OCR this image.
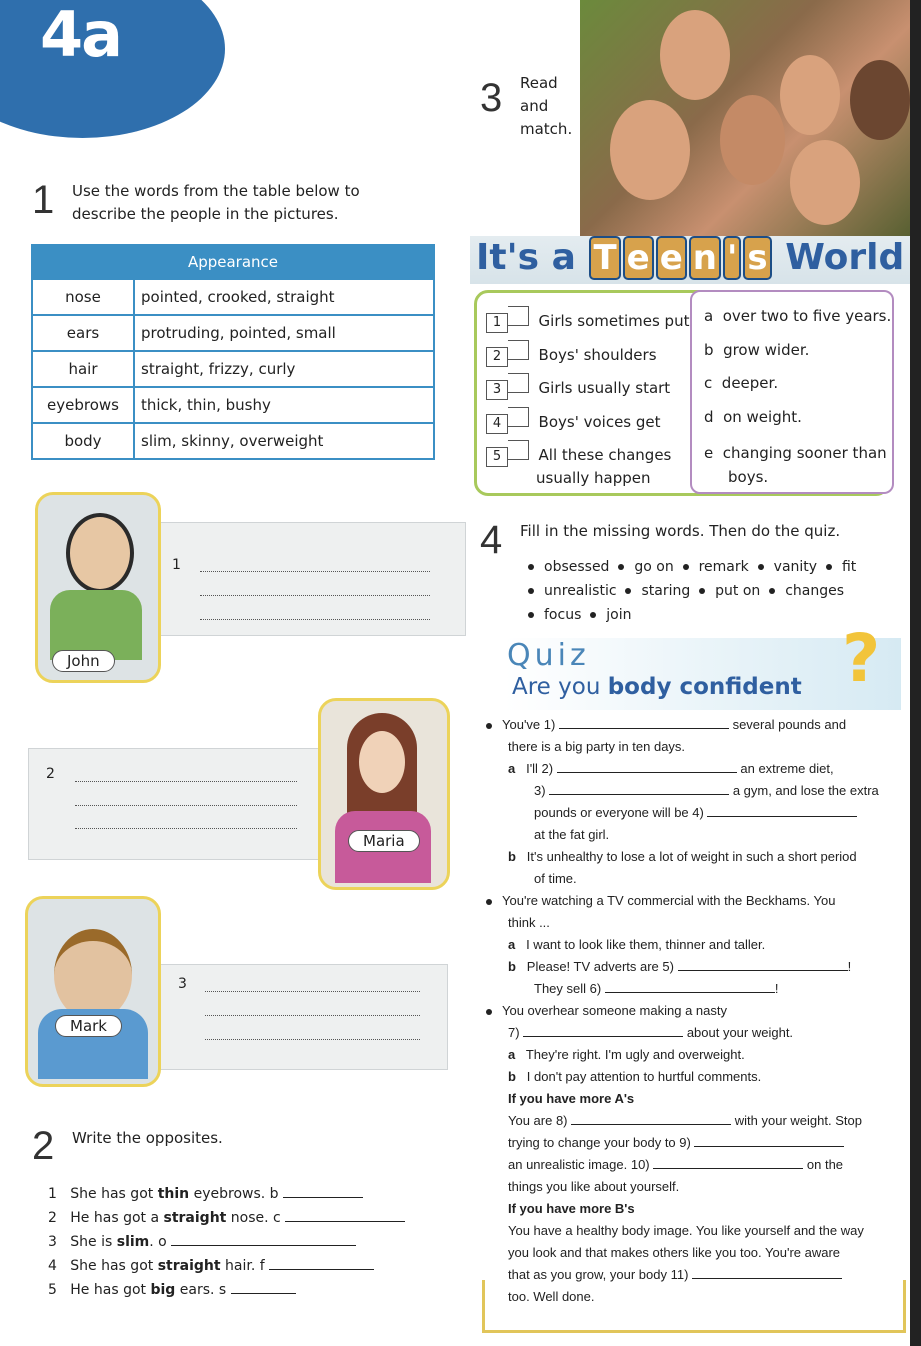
4a
1 Use the words from the table below to
describe the people in the pictures.
Appearance	
nose	pointed, crooked, straight
ears	protruding, pointed, small
hair	straight, frizzy, curly
eyebrows	thick, thin, bushy
body	slim, skinny, overweight
3 Read
and
match.
It's a T e e n ' s World
1 Girls sometimes put
2 Boys' shoulders
3 Girls usually start
4 Boys' voices get
5 All these changes
usually happen
a over two to five years.
b grow wider.
c deeper.
d on weight.
e changing sooner than
boys.
John
1
Maria
2
Mark
3
4 Fill in the missing words. Then do the quiz.
obsessed go on remark vanity fit
unrealistic staring put on changes
focus join
Quiz
Are you body confident ?
You've 1)	several pounds and
there is a big party in ten days.
a I'll 2)	an extreme diet,
3)	a gym, and lose the extra
pounds or everyone will be 4)
at the fat girl.
b It's unhealthy to lose a lot of weight in such a short period
of time.
You're watching a TV commercial with the Beckhams. You
think ...
a I want to look like them, thinner and taller.
b Please! TV adverts are 5)	!
They sell 6)	!
You overhear someone making a nasty
7)	about your weight.
a They're right. I'm ugly and overweight.
b I don't pay attention to hurtful comments.
If you have more A's
You are 8)	with your weight. Stop
trying to change your body to 9)
an unrealistic image. 10)	on the
things you like about yourself.
If you have more B's
You have a healthy body image. You like yourself and the way
you look and that makes others like you too. You're aware
that as you grow, your body 11)
too. Well done.
2 Write the opposites.
1 She has got thin eyebrows. b
2 He has got a straight nose. c
3 She is slim. o
4 She has got straight hair. f
5 He has got big ears. s
